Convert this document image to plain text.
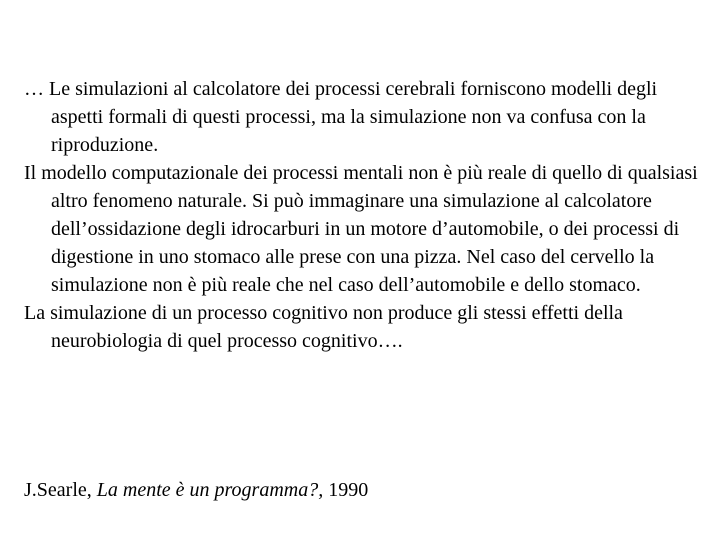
… Le simulazioni al calcolatore dei processi cerebrali forniscono modelli degli aspetti formali di questi processi, ma la simulazione non va confusa con la riproduzione.

Il modello computazionale dei processi mentali non è più reale di quello di qualsiasi altro fenomeno naturale. Si può immaginare una simulazione al calcolatore dell’ossidazione degli idrocarburi in un motore d’automobile, o dei processi di digestione in uno stomaco alle prese con una pizza. Nel caso del cervello la simulazione non è più reale che nel caso dell’automobile e dello stomaco.

La simulazione di un processo cognitivo non produce gli stessi effetti della neurobiologia di quel processo cognitivo….

J.Searle, La mente è un programma?, 1990
